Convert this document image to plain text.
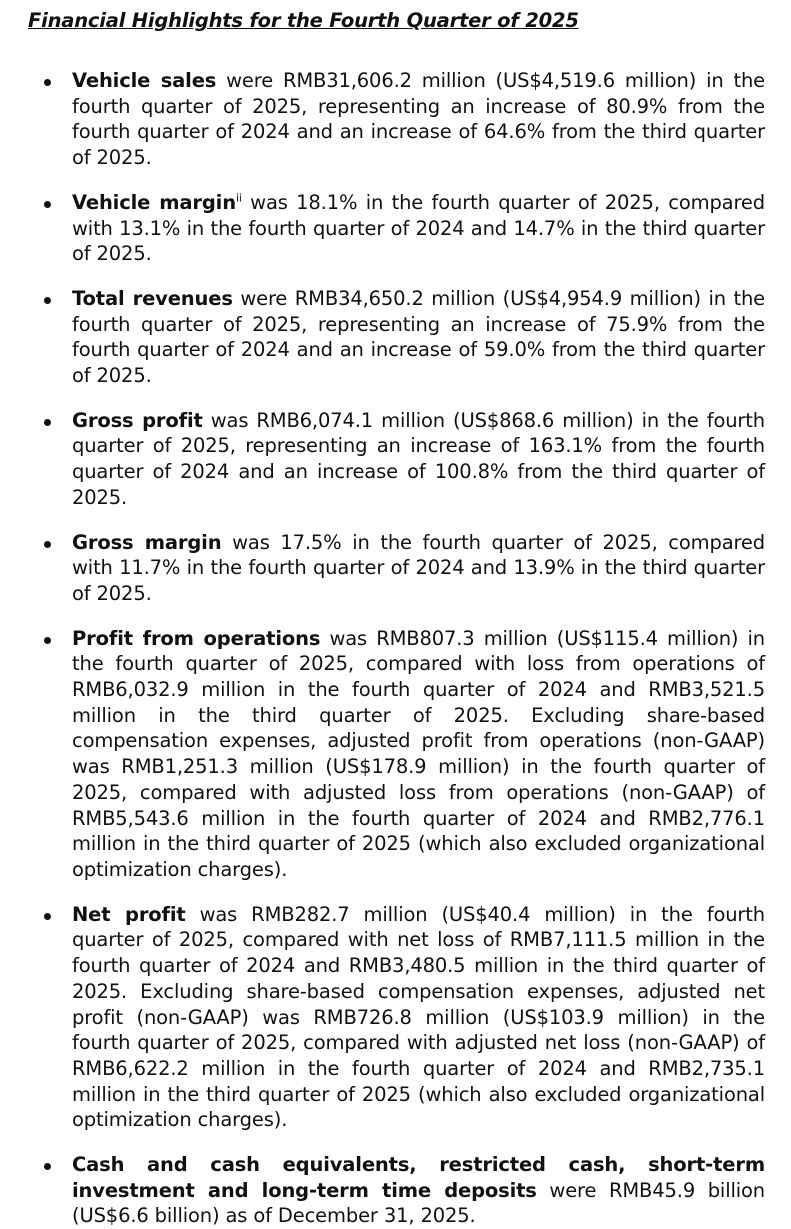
Financial Highlights for the Fourth Quarter of 2025
Vehicle sales were RMB31,606.2 million (US$4,519.6 million) in the fourth quarter of 2025, representing an increase of 80.9% from the fourth quarter of 2024 and an increase of 64.6% from the third quarter of 2025.
Vehicle margin$^{ii}$ was 18.1% in the fourth quarter of 2025, compared with 13.1% in the fourth quarter of 2024 and 14.7% in the third quarter of 2025.
Total revenues were RMB34,650.2 million (US$4,954.9 million) in the fourth quarter of 2025, representing an increase of 75.9% from the fourth quarter of 2024 and an increase of 59.0% from the third quarter of 2025.
Gross profit was RMB6,074.1 million (US$868.6 million) in the fourth quarter of 2025, representing an increase of 163.1% from the fourth quarter of 2024 and an increase of 100.8% from the third quarter of 2025.
Gross margin was 17.5% in the fourth quarter of 2025, compared with 11.7% in the fourth quarter of 2024 and 13.9% in the third quarter of 2025.
Profit from operations was RMB807.3 million (US$115.4 million) in the fourth quarter of 2025, compared with loss from operations of RMB6,032.9 million in the fourth quarter of 2024 and RMB3,521.5 million in the third quarter of 2025. Excluding share-based compensation expenses, adjusted profit from operations (non-GAAP) was RMB1,251.3 million (US$178.9 million) in the fourth quarter of 2025, compared with adjusted loss from operations (non-GAAP) of RMB5,543.6 million in the fourth quarter of 2024 and RMB2,776.1 million in the third quarter of 2025 (which also excluded organizational optimization charges).
Net profit was RMB282.7 million (US$40.4 million) in the fourth quarter of 2025, compared with net loss of RMB7,111.5 million in the fourth quarter of 2024 and RMB3,480.5 million in the third quarter of 2025. Excluding share-based compensation expenses, adjusted net profit (non-GAAP) was RMB726.8 million (US$103.9 million) in the fourth quarter of 2025, compared with adjusted net loss (non-GAAP) of RMB6,622.2 million in the fourth quarter of 2024 and RMB2,735.1 million in the third quarter of 2025 (which also excluded organizational optimization charges).
Cash and cash equivalents, restricted cash, short-term investment and long-term time deposits were RMB45.9 billion (US$6.6 billion) as of December 31, 2025.
